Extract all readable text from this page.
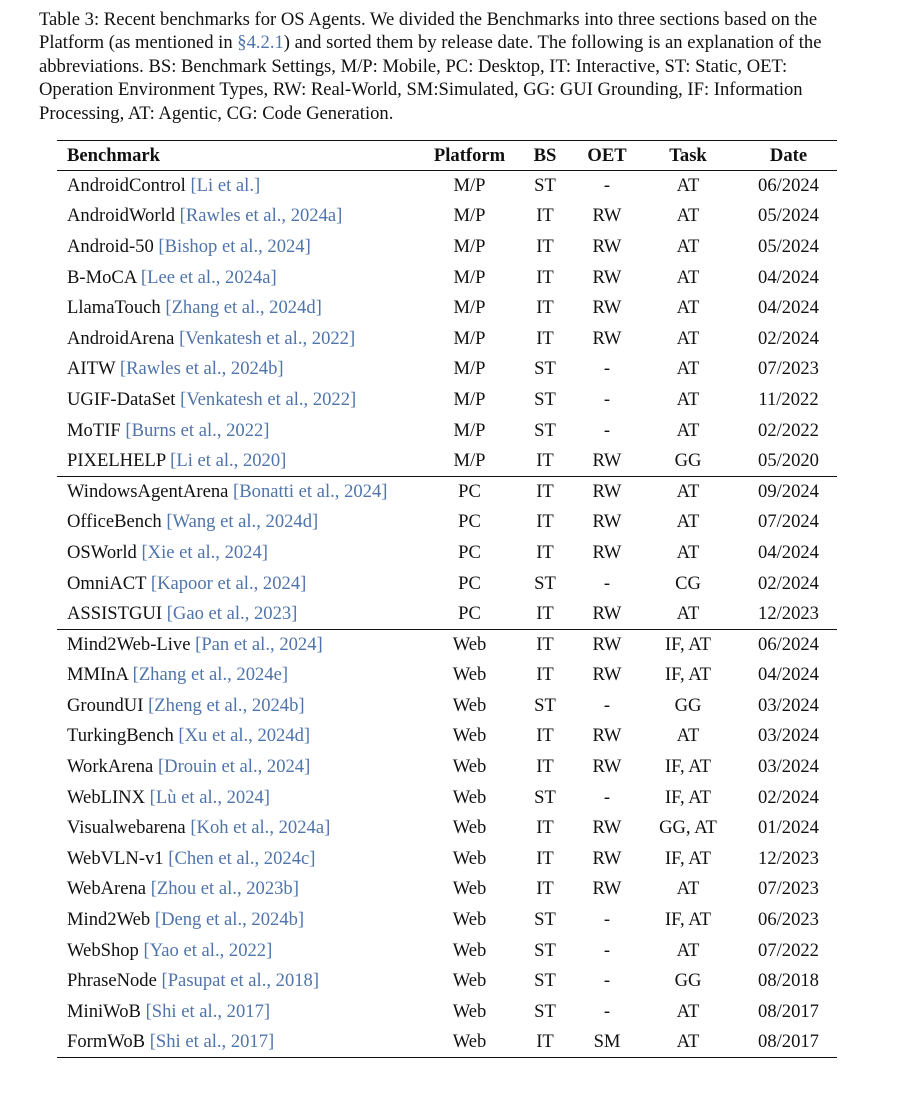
Table 3: Recent benchmarks for OS Agents. We divided the Benchmarks into three sections based on the Platform (as mentioned in §4.2.1) and sorted them by release date. The following is an explanation of the abbreviations. BS: Benchmark Settings, M/P: Mobile, PC: Desktop, IT: Interactive, ST: Static, OET: Operation Environment Types, RW: Real-World, SM:Simulated, GG: GUI Grounding, IF: Information Processing, AT: Agentic, CG: Code Generation.

Benchmark	Platform	BS	OET	Task	Date
AndroidControl [Li et al.]	M/P	ST	-	AT	06/2024
AndroidWorld [Rawles et al., 2024a]	M/P	IT	RW	AT	05/2024
Android-50 [Bishop et al., 2024]	M/P	IT	RW	AT	05/2024
B-MoCA [Lee et al., 2024a]	M/P	IT	RW	AT	04/2024
LlamaTouch [Zhang et al., 2024d]	M/P	IT	RW	AT	04/2024
AndroidArena [Venkatesh et al., 2022]	M/P	IT	RW	AT	02/2024
AITW [Rawles et al., 2024b]	M/P	ST	-	AT	07/2023
UGIF-DataSet [Venkatesh et al., 2022]	M/P	ST	-	AT	11/2022
MoTIF [Burns et al., 2022]	M/P	ST	-	AT	02/2022
PIXELHELP [Li et al., 2020]	M/P	IT	RW	GG	05/2020
WindowsAgentArena [Bonatti et al., 2024]	PC	IT	RW	AT	09/2024
OfficeBench [Wang et al., 2024d]	PC	IT	RW	AT	07/2024
OSWorld [Xie et al., 2024]	PC	IT	RW	AT	04/2024
OmniACT [Kapoor et al., 2024]	PC	ST	-	CG	02/2024
ASSISTGUI [Gao et al., 2023]	PC	IT	RW	AT	12/2023
Mind2Web-Live [Pan et al., 2024]	Web	IT	RW	IF, AT	06/2024
MMInA [Zhang et al., 2024e]	Web	IT	RW	IF, AT	04/2024
GroundUI [Zheng et al., 2024b]	Web	ST	-	GG	03/2024
TurkingBench [Xu et al., 2024d]	Web	IT	RW	AT	03/2024
WorkArena [Drouin et al., 2024]	Web	IT	RW	IF, AT	03/2024
WebLINX [Lù et al., 2024]	Web	ST	-	IF, AT	02/2024
Visualwebarena [Koh et al., 2024a]	Web	IT	RW	GG, AT	01/2024
WebVLN-v1 [Chen et al., 2024c]	Web	IT	RW	IF, AT	12/2023
WebArena [Zhou et al., 2023b]	Web	IT	RW	AT	07/2023
Mind2Web [Deng et al., 2024b]	Web	ST	-	IF, AT	06/2023
WebShop [Yao et al., 2022]	Web	ST	-	AT	07/2022
PhraseNode [Pasupat et al., 2018]	Web	ST	-	GG	08/2018
MiniWoB [Shi et al., 2017]	Web	ST	-	AT	08/2017
FormWoB [Shi et al., 2017]	Web	IT	SM	AT	08/2017
